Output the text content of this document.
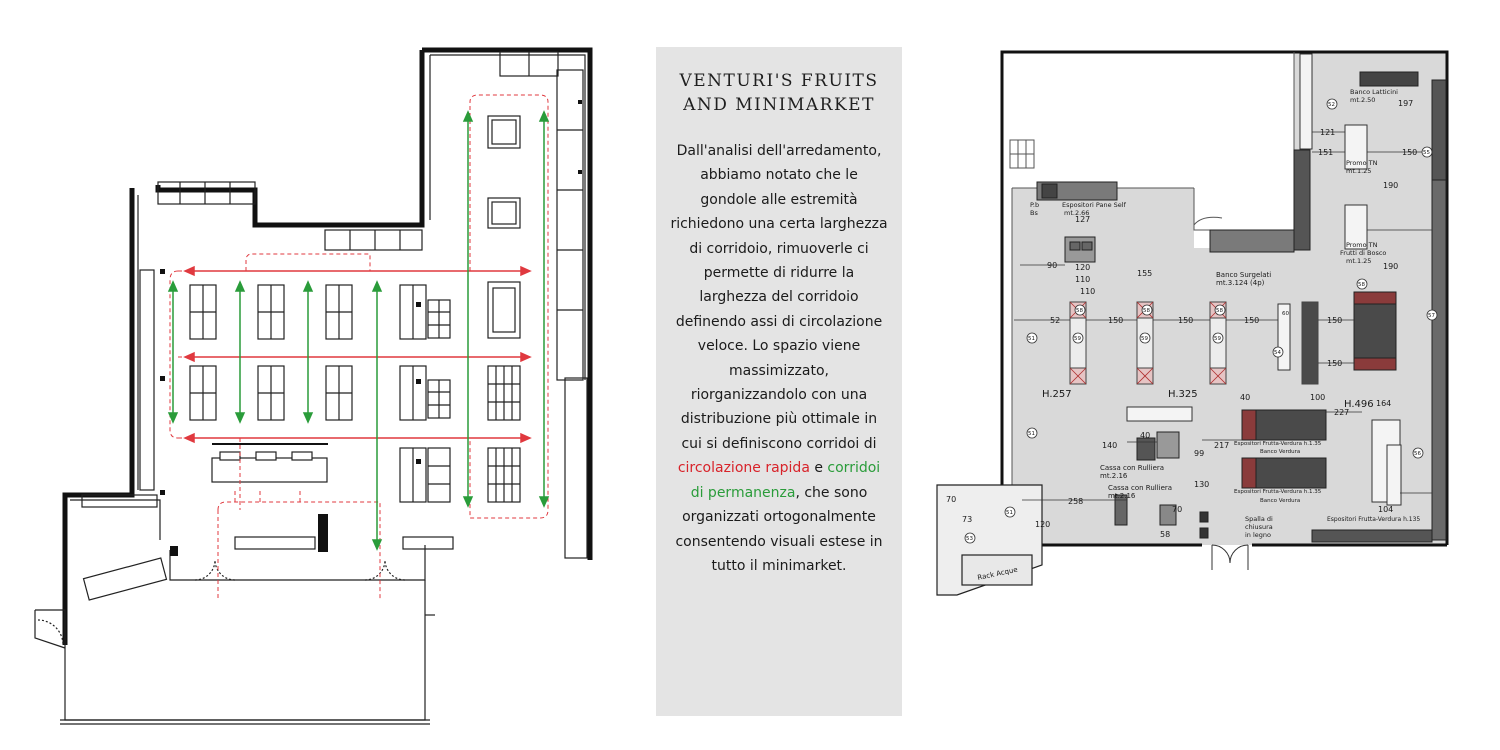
VENTURI'S FRUITS
AND MINIMARKET
Dall'analisi dell'arredamento, abbiamo notato che le gondole alle estremità richiedono una certa larghezza di corridoio, rimuoverle ci permette di ridurre la larghezza del corridoio definendo assi di circolazione veloce. Lo spazio viene massimizzato, riorganizzandolo con una distribuzione più ottimale in cui si definiscono corridoi di circolazione rapida e corridoi di permanenza, che sono organizzati ortogonalmente consentendo visuali estese in tutto il minimarket.
52
90
110
120
127
155
110
150	150	150	150
150
150
121
151
190
190
197
100
227
164
104
217
99
130
140
40
40
258
120
70
73
70
58
H.257	H.325
H.496
Espositori Pane Self
mt.2.66
P.b
Bs
Banco Surgelati
mt.3.124 (4p)
Banco Latticini
mt.2.50
Promo TN
mt.1.25
Promo TN
Frutti di Bosco
mt.1.25
Cassa con Rulliera
mt.2.16
Cassa con Rulliera
mt.2.16
Rack Acque
Espositori Frutta-Verdura h.1.35
Espositori Frutta-Verdura h.1.35
Espositori Frutta-Verdura h.135
Banco Verdura
Banco Verdura
Spalla di
chiusura
in legno
59	59	59
51
51
58	58	58
54
58
52
53
51
56
57
55
60
